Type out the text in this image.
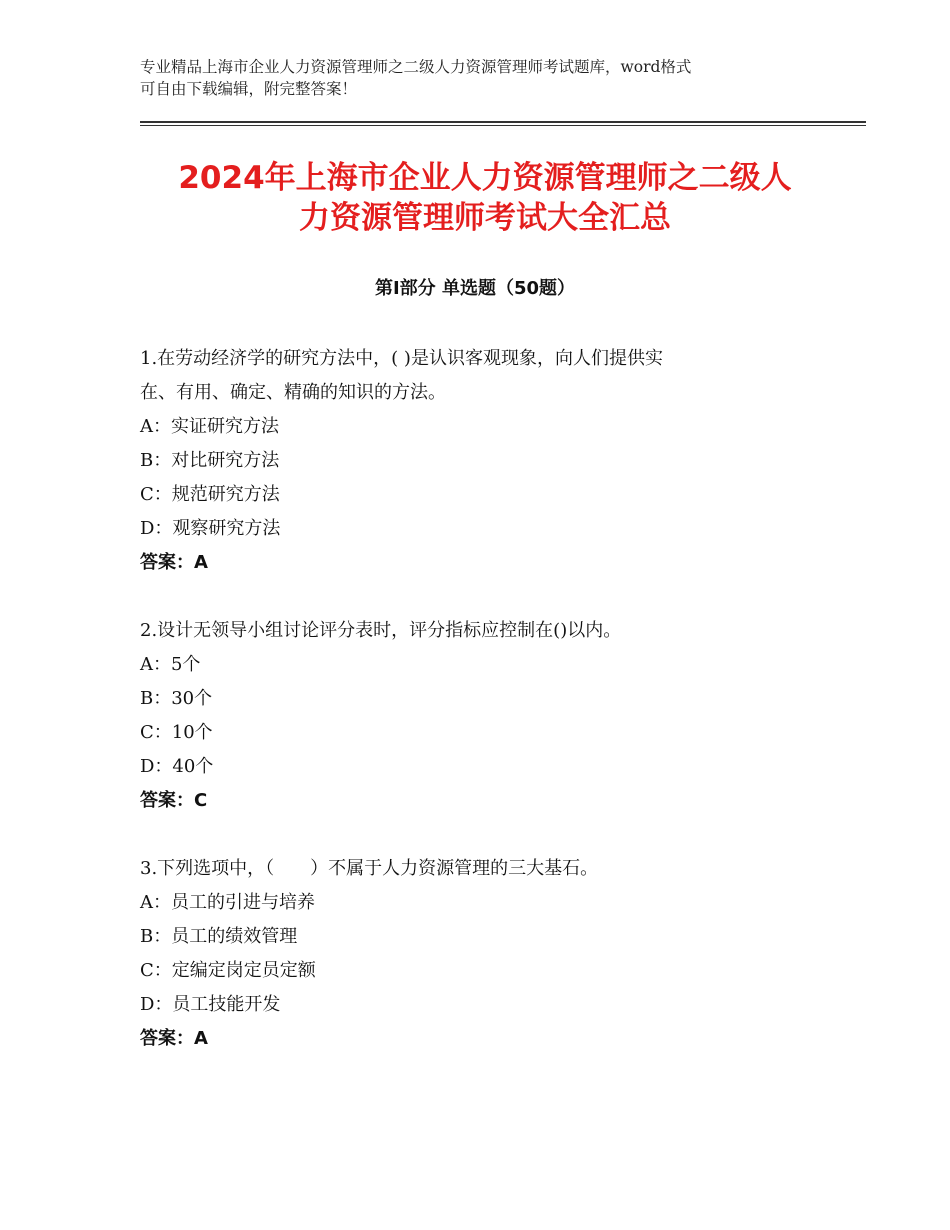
专业精品上海市企业人力资源管理师之二级人力资源管理师考试题库，word格式
可自由下载编辑，附完整答案！
2024年上海市企业人力资源管理师之二级人
力资源管理师考试大全汇总
第Ⅰ部分 单选题（50题）
1.在劳动经济学的研究方法中，( )是认识客观现象，向人们提供实
在、有用、确定、精确的知识的方法。
A：实证研究方法
B：对比研究方法
C：规范研究方法
D：观察研究方法
答案：A
2.设计无领导小组讨论评分表时，评分指标应控制在()以内。
A：5个
B：30个
C：10个
D：40个
答案：C
3.下列选项中，（　　）不属于人力资源管理的三大基石。
A：员工的引进与培养
B：员工的绩效管理
C：定编定岗定员定额
D：员工技能开发
答案：A
